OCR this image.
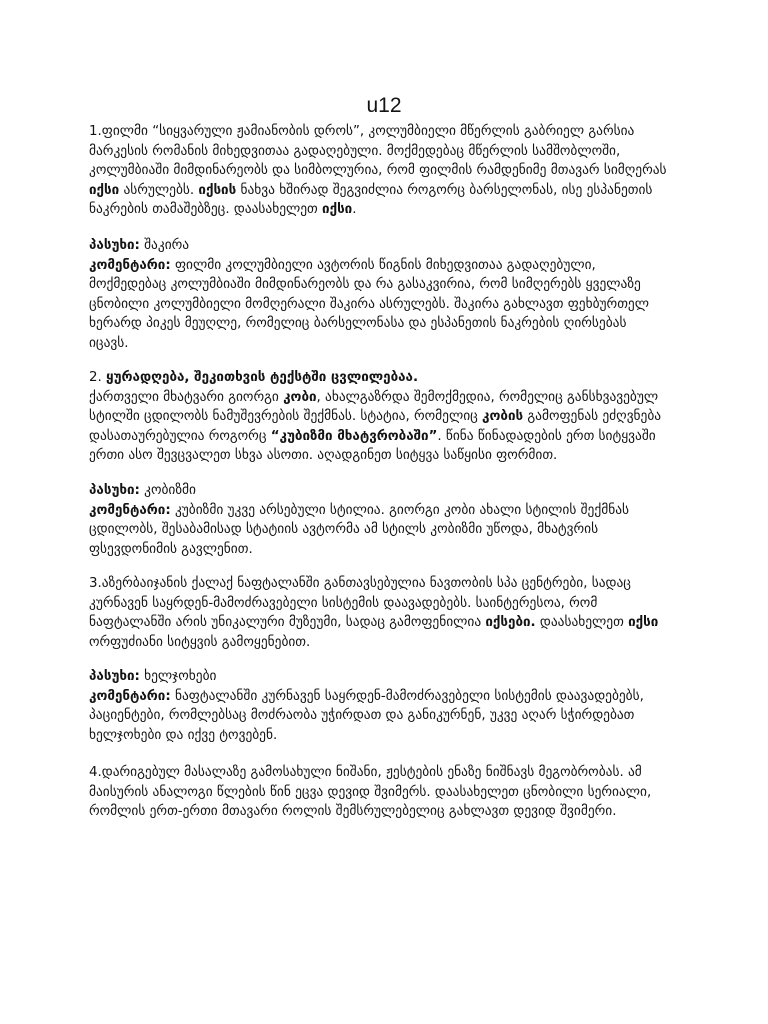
u12

1.ფილმი “სიყვარული ჟამიანობის დროს”, კოლუმბიელი მწერლის გაბრიელ გარსია

მარკესის რომანის მიხედვითაა გადაღებული. მოქმედებაც მწერლის სამშობლოში,

კოლუმბიაში მიმდინარეობს და სიმბოლურია, რომ ფილმის რამდენიმე მთავარ სიმღერას

იქსი ასრულებს. იქსის ნახვა ხშირად შეგვიძლია როგორც ბარსელონას, ისე ესპანეთის

ნაკრების თამაშებზეც. დაასახელეთ იქსი.

პასუხი: შაკირა

კომენტარი: ფილმი კოლუმბიელი ავტორის წიგნის მიხედვითაა გადაღებული,

მოქმედებაც კოლუმბიაში მიმდინარეობს და რა გასაკვირია, რომ სიმღერებს ყველაზე

ცნობილი კოლუმბიელი მომღერალი შაკირა ასრულებს. შაკირა გახლავთ ფეხბურთელ

ხერარდ პიკეს მეუღლე, რომელიც ბარსელონასა და ესპანეთის ნაკრების ღირსებას

იცავს.

2. ყურადღება, შეკითხვის ტექსტში ცვლილებაა.

ქართველი მხატვარი გიორგი კობი, ახალგაზრდა შემოქმედია, რომელიც განსხვავებულ

სტილში ცდილობს ნამუშევრების შექმნას. სტატია, რომელიც კობის გამოფენას ეძღვნება

დასათაურებულია როგორც “კუბიზმი მხატვრობაში”. წინა წინადადების ერთ სიტყვაში

ერთი ასო შევცვალეთ სხვა ასოთი. აღადგინეთ სიტყვა საწყისი ფორმით.

პასუხი: კობიზმი

კომენტარი: კუბიზმი უკვე არსებული სტილია. გიორგი კობი ახალი სტილის შექმნას

ცდილობს, შესაბამისად სტატიის ავტორმა ამ სტილს კობიზმი უწოდა, მხატვრის

ფსევდონიმის გავლენით.

3.აზერბაიჯანის ქალაქ ნაფტალანში განთავსებულია ნავთობის სპა ცენტრები, სადაც

კურნავენ საყრდენ-მამოძრავებელი სისტემის დაავადებებს. საინტერესოა, რომ

ნაფტალანში არის უნიკალური მუზეუმი, სადაც გამოფენილია იქსები. დაასახელეთ იქსი

ორფუძიანი სიტყვის გამოყენებით.

პასუხი: ხელჯოხები

კომენტარი: ნაფტალანში კურნავენ საყრდენ-მამოძრავებელი სისტემის დაავადებებს,

პაციენტები, რომლებსაც მოძრაობა უჭირდათ და განიკურნენ, უკვე აღარ სჭირდებათ

ხელჯოხები და იქვე ტოვებენ.

4.დარიგებულ მასალაზე გამოსახული ნიშანი, ჟესტების ენაზე ნიშნავს მეგობრობას. ამ

მაისურის ანალოგი წლების წინ ეცვა დევიდ შვიმერს. დაასახელეთ ცნობილი სერიალი,

რომლის ერთ-ერთი მთავარი როლის შემსრულებელიც გახლავთ დევიდ შვიმერი.
